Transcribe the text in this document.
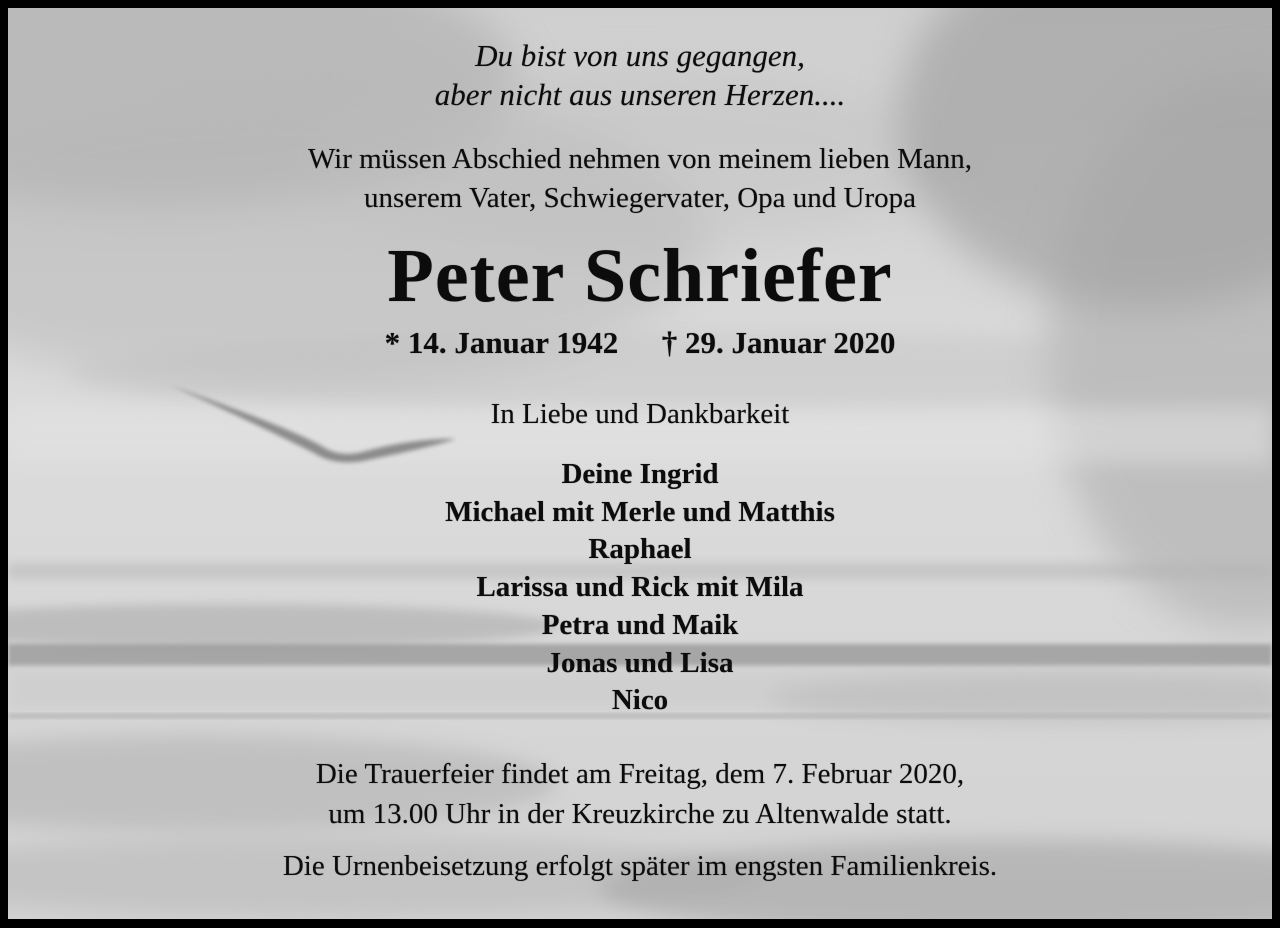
Du bist von uns gegangen,
aber nicht aus unseren Herzen....
Wir müssen Abschied nehmen von meinem lieben Mann,
unserem Vater, Schwiegervater, Opa und Uropa
Peter Schriefer
* 14. Januar 1942 † 29. Januar 2020
In Liebe und Dankbarkeit
Deine Ingrid
Michael mit Merle und Matthis
Raphael
Larissa und Rick mit Mila
Petra und Maik
Jonas und Lisa
Nico
Die Trauerfeier findet am Freitag, dem 7. Februar 2020,
um 13.00 Uhr in der Kreuzkirche zu Altenwalde statt.
Die Urnenbeisetzung erfolgt später im engsten Familienkreis.
